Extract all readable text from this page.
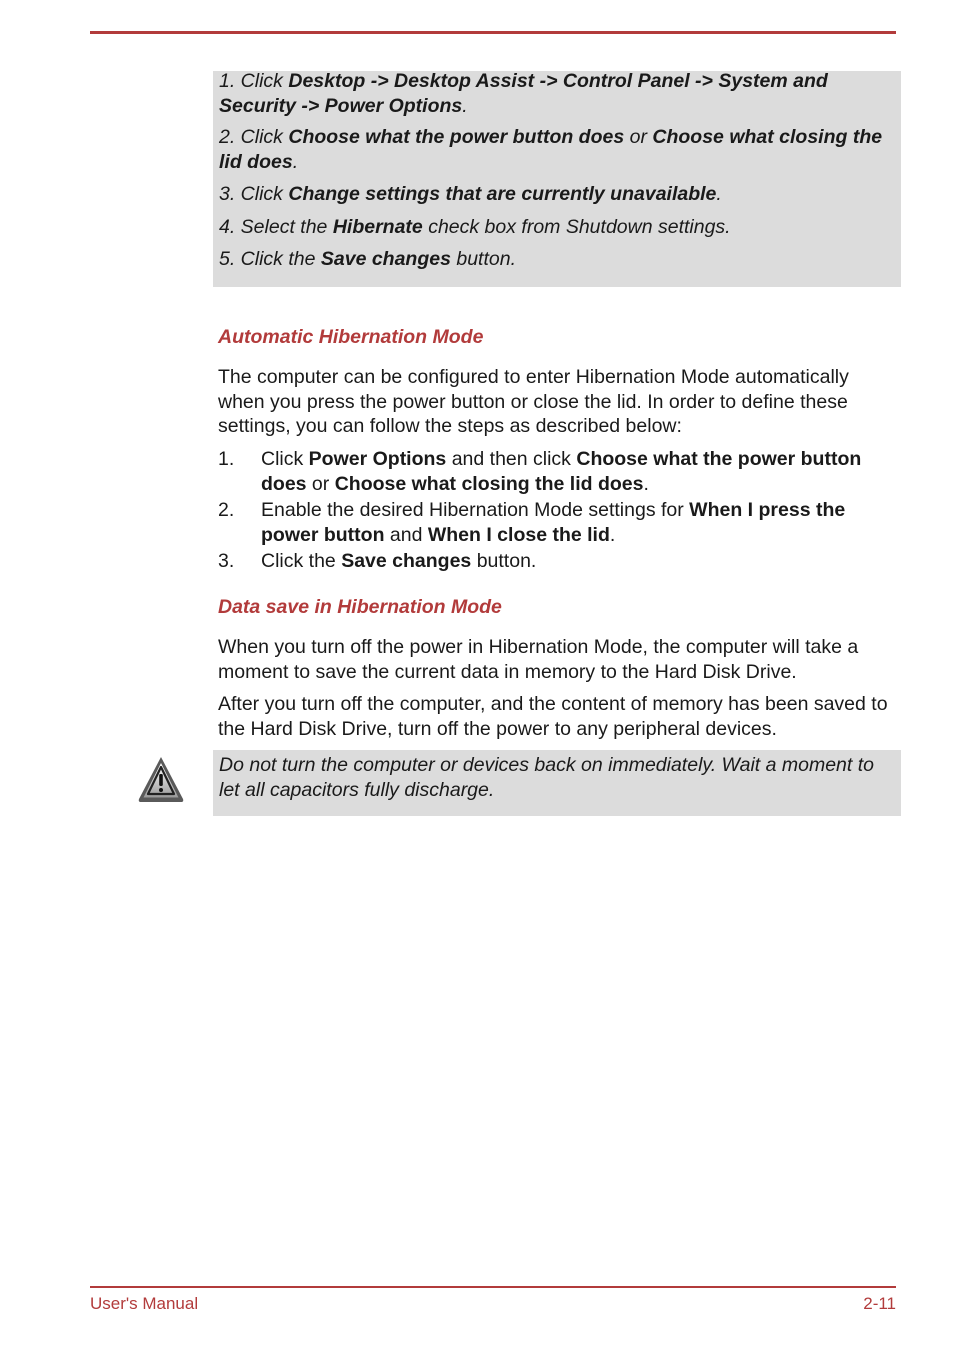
1. Click Desktop -> Desktop Assist -> Control Panel -> System and Security -> Power Options.

2. Click Choose what the power button does or Choose what closing the lid does.

3. Click Change settings that are currently unavailable.

4. Select the Hibernate check box from Shutdown settings.

5. Click the Save changes button.

Automatic Hibernation Mode

The computer can be configured to enter Hibernation Mode automatically when you press the power button or close the lid. In order to define these settings, you can follow the steps as described below:

1. Click Power Options and then click Choose what the power button does or Choose what closing the lid does.
2. Enable the desired Hibernation Mode settings for When I press the power button and When I close the lid.
3. Click the Save changes button.
Data save in Hibernation Mode

When you turn off the power in Hibernation Mode, the computer will take a moment to save the current data in memory to the Hard Disk Drive.

After you turn off the computer, and the content of memory has been saved to the Hard Disk Drive, turn off the power to any peripheral devices.

Do not turn the computer or devices back on immediately. Wait a moment to let all capacitors fully discharge.

User's Manual	2-11
